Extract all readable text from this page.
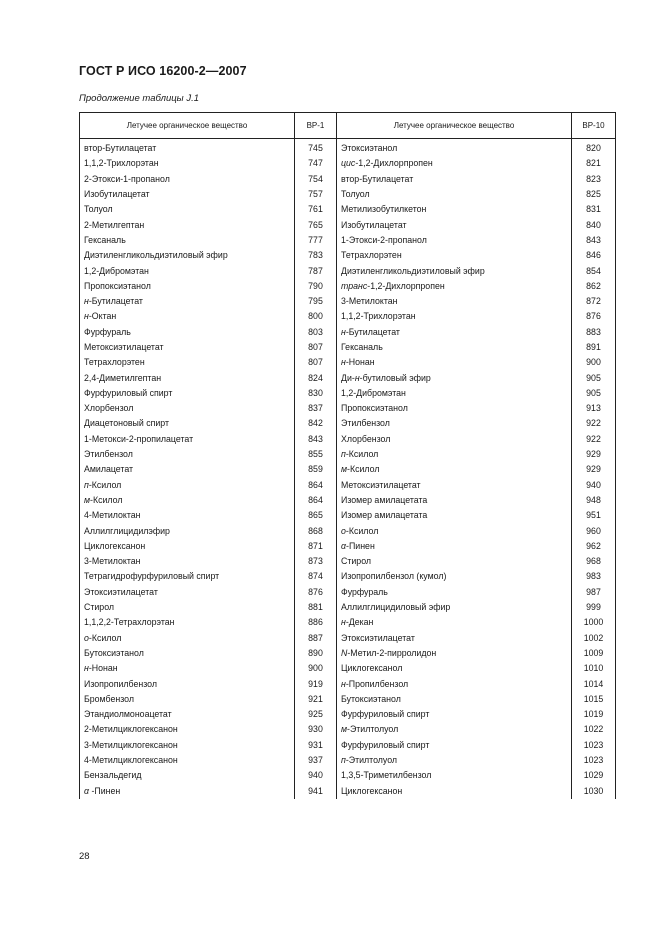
ГОСТ Р ИСО 16200-2—2007
Продолжение таблицы J.1
Летучее органическое вещество	BP-1	Летучее органическое вещество	BP-10
втор-Бутилацетат	745	Этоксиэтанол	820
1,1,2-Трихлорэтан	747	цис-1,2-Дихлорпропен	821
2-Этокси-1-пропанол	754	втор-Бутилацетат	823
Изобутилацетат	757	Толуол	825
Толуол	761	Метилизобутилкетон	831
2-Метилгептан	765	Изобутилацетат	840
Гексаналь	777	1-Этокси-2-пропанол	843
Диэтиленгликольдиэтиловый эфир	783	Тетрахлорэтен	846
1,2-Дибромэтан	787	Диэтиленгликольдиэтиловый эфир	854
Пропоксиэтанол	790	транс-1,2-Дихлорпропен	862
н-Бутилацетат	795	3-Метилоктан	872
н-Октан	800	1,1,2-Трихлорэтан	876
Фурфураль	803	н-Бутилацетат	883
Метоксиэтилацетат	807	Гексаналь	891
Тетрахлорэтен	807	н-Нонан	900
2,4-Диметилгептан	824	Ди-н-бутиловый эфир	905
Фурфуриловый спирт	830	1,2-Дибромэтан	905
Хлорбензол	837	Пропоксиэтанол	913
Диацетоновый спирт	842	Этилбензол	922
1-Метокси-2-пропилацетат	843	Хлорбензол	922
Этилбензол	855	п-Ксилол	929
Амилацетат	859	м-Ксилол	929
п-Ксилол	864	Метоксиэтилацетат	940
м-Ксилол	864	Изомер амилацетата	948
4-Метилоктан	865	Изомер амилацетата	951
Аллилглицидилэфир	868	о-Ксилол	960
Циклогексанон	871	α-Пинен	962
3-Метилоктан	873	Стирол	968
Тетрагидрофурфуриловый спирт	874	Изопропилбензол (кумол)	983
Этоксиэтилацетат	876	Фурфураль	987
Стирол	881	Аллилглицидиловый эфир	999
1,1,2,2-Тетрахлорэтан	886	н-Декан	1000
о-Ксилол	887	Этоксиэтилацетат	1002
Бутоксиэтанол	890	N-Метил-2-пирролидон	1009
н-Нонан	900	Циклогексанол	1010
Изопропилбензол	919	н-Пропилбензол	1014
Бромбензол	921	Бутоксиэтанол	1015
Этандиолмоноацетат	925	Фурфуриловый спирт	1019
2-Метилциклогексанон	930	м-Этилтолуол	1022
3-Метилциклогексанон	931	Фурфуриловый спирт	1023
4-Метилциклогексанон	937	п-Этилтолуол	1023
Бензальдегид	940	1,3,5-Триметилбензол	1029
α -Пинен	941	Циклогексанон	1030
28
